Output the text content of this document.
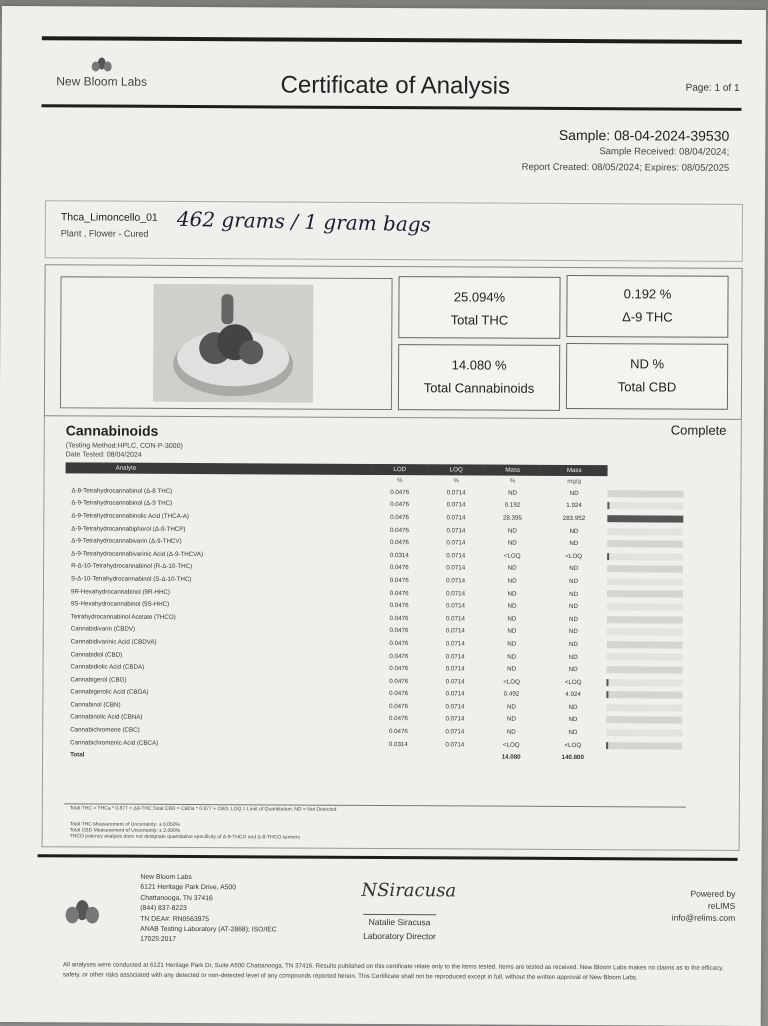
New Bloom Labs	Certificate of Analysis	Page: 1 of 1
Sample: 08-04-2024-39530
Sample Received: 08/04/2024;
Report Created: 08/05/2024; Expires: 08/05/2025
Thca_Limoncello_01
Plant , Flower - Cured 462 grams / 1 gram bags
25.094%
Total THC
0.192 %
Δ-9 THC
14.080 %
Total Cannabinoids
ND %
Total CBD
Cannabinoids
(Testing Method:HPLC, CON-P-3000)
Date Tested: 08/04/2024
Complete
Analyte	LOD	LOQ	Mass	Mass	
	%	%	%	mg/g	
Δ-8-Tetrahydrocannabinol (Δ-8 THC)	0.0476	0.0714	ND	ND	
Δ-9-Tetrahydrocannabinol (Δ-9 THC)	0.0476	0.0714	0.192	1.924	
Δ-9-Tetrahydrocannabinolic Acid (THCA-A)	0.0476	0.0714	28.395	283.952	
Δ-9-Tetrahydrocannabiphorol (Δ-9-THCP)	0.0476	0.0714	ND	ND	
Δ-9-Tetrahydrocannabivarin (Δ-9-THCV)	0.0476	0.0714	ND	ND	
Δ-9-Tetrahydrocannabivarinic Acid (Δ-9-THCVA)	0.0314	0.0714	<LOQ	<LOQ	
R-Δ-10-Tetrahydrocannabinol (R-Δ-10-THC)	0.0476	0.0714	ND	ND	
S-Δ-10-Tetrahydrocannabinol (S-Δ-10-THC)	0.0476	0.0714	ND	ND	
9R-Hexahydrocannabinol (9R-HHC)	0.0476	0.0714	ND	ND	
9S-Hexahydrocannabinol (9S-HHC)	0.0476	0.0714	ND	ND	
Tetrahydrocannabinol Acetate (THCO)	0.0476	0.0714	ND	ND	
Cannabidivarin (CBDV)	0.0476	0.0714	ND	ND	
Cannabidivarinic Acid (CBDVA)	0.0476	0.0714	ND	ND	
Cannabidiol (CBD)	0.0476	0.0714	ND	ND	
Cannabidiolic Acid (CBDA)	0.0476	0.0714	ND	ND	
Cannabigerol (CBG)	0.0476	0.0714	<LOQ	<LOQ	
Cannabigerolic Acid (CBGA)	0.0476	0.0714	0.492	4.924	
Cannabinol (CBN)	0.0476	0.0714	ND	ND	
Cannabinolic Acid (CBNA)	0.0476	0.0714	ND	ND	
Cannabichromene (CBC)	0.0476	0.0714	ND	ND	
Cannabichromenic Acid (CBCA)	0.0314	0.0714	<LOQ	<LOQ	
Total			14.080	140.800	
Total THC = THCa * 0.877 + Δ9-THC;Total CBD = CBDa * 0.877 + CBD; LOQ = Limit of Quantitation; ND = Not Detected
Total THC Measurement of Uncertainty: ± 0.050%
Total CBD Measurement of Uncertainty: ± 2.000%
THCO potency analysis does not designate quantitative specificity of Δ-9-THCO and Δ-8-THCO isomers
New Bloom Labs
6121 Heritage Park Drive, A500
Chattanooga, TN 37416
(844) 837-8223
TN DEA#: RN0563975
ANAB Testing Laboratory (AT-2868); ISO/IEC
17025:2017
NSiracusa
Natalie Siracusa
Laboratory Director
Powered by
reLIMS
info@relims.com
All analyses were conducted at 6121 Heritage Park Dr, Suite A500 Chattanooga, TN 37416. Results published on this certificate relate only to the items tested. Items are tested as received. New Bloom Labs makes no claims as to the efficacy, safety, or other risks associated with any detected or non-detected level of any compounds reported herein. This Certificate shall not be reproduced except in full, without the written approval of New Bloom Labs.
